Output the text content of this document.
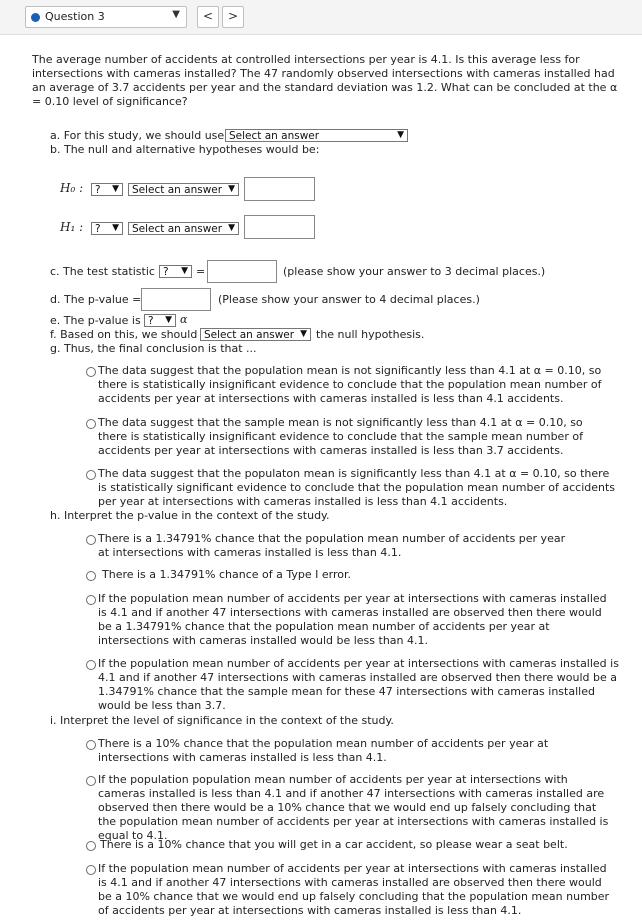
Question 3	▼	<	>
The average number of accidents at controlled intersections per year is 4.1. Is this average less for intersections with cameras installed? The 47 randomly observed intersections with cameras installed had an average of 3.7 accidents per year and the standard deviation was 1.2. What can be concluded at the α = 0.10 level of significance?
a. For this study, we should use Select an answer	▼
b. The null and alternative hypotheses would be:
H₀ :	? ▼	Select an answer ▼
H₁ :	? ▼	Select an answer ▼
c. The test statistic ? ▼ =	(please show your answer to 3 decimal places.)
d. The p-value =	(Please show your answer to 4 decimal places.)
e. The p-value is ? ▼ α
f. Based on this, we should Select an answer ▼ the null hypothesis.
g. Thus, the final conclusion is that ...
The data suggest that the population mean is not significantly less than 4.1 at α = 0.10, so there is statistically insignificant evidence to conclude that the population mean number of accidents per year at intersections with cameras installed is less than 4.1 accidents.
The data suggest that the sample mean is not significantly less than 4.1 at α = 0.10, so there is statistically insignificant evidence to conclude that the sample mean number of accidents per year at intersections with cameras installed is less than 3.7 accidents.
The data suggest that the populaton mean is significantly less than 4.1 at α = 0.10, so there is statistically significant evidence to conclude that the population mean number of accidents per year at intersections with cameras installed is less than 4.1 accidents.
h. Interpret the p-value in the context of the study.
There is a 1.34791% chance that the population mean number of accidents per year at intersections with cameras installed is less than 4.1.
There is a 1.34791% chance of a Type I error.
If the population mean number of accidents per year at intersections with cameras installed is 4.1 and if another 47 intersections with cameras installed are observed then there would be a 1.34791% chance that the population mean number of accidents per year at intersections with cameras installed would be less than 4.1.
If the population mean number of accidents per year at intersections with cameras installed is 4.1 and if another 47 intersections with cameras installed are observed then there would be a 1.34791% chance that the sample mean for these 47 intersections with cameras installed would be less than 3.7.
i. Interpret the level of significance in the context of the study.
There is a 10% chance that the population mean number of accidents per year at intersections with cameras installed is less than 4.1.
If the population population mean number of accidents per year at intersections with cameras installed is less than 4.1 and if another 47 intersections with cameras installed are observed then there would be a 10% chance that we would end up falsely concluding that the population mean number of accidents per year at intersections with cameras installed is equal to 4.1.
There is a 10% chance that you will get in a car accident, so please wear a seat belt.
If the population mean number of accidents per year at intersections with cameras installed is 4.1 and if another 47 intersections with cameras installed are observed then there would be a 10% chance that we would end up falsely concluding that the population mean number of accidents per year at intersections with cameras installed is less than 4.1.
